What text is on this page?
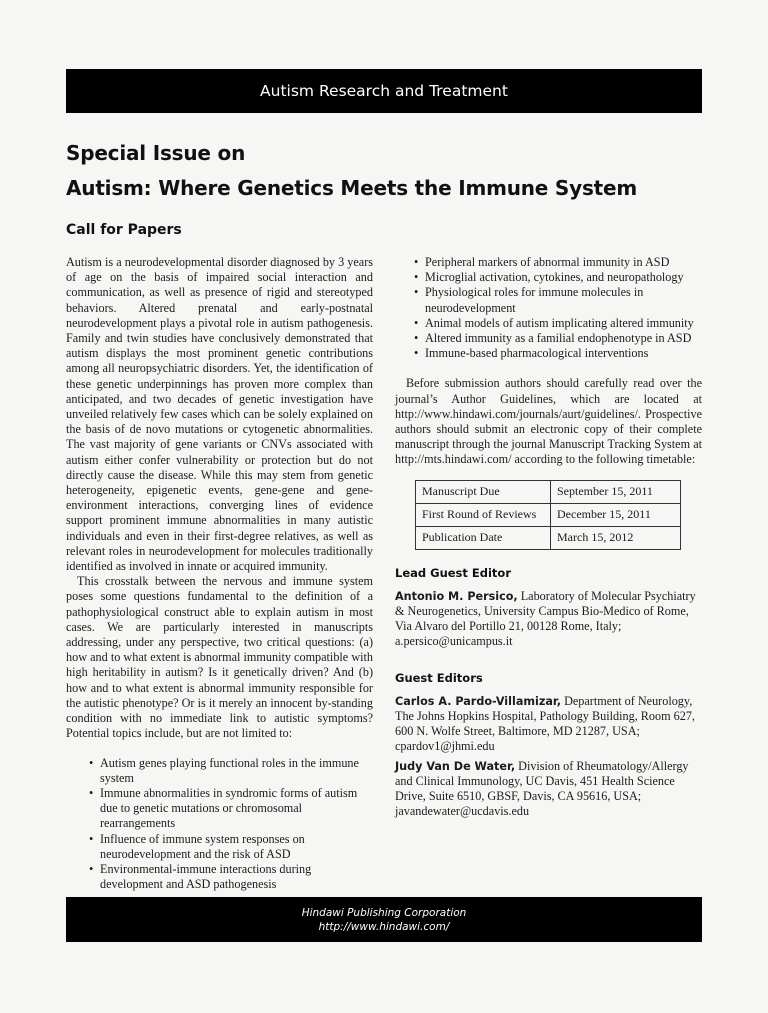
Autism Research and Treatment
Special Issue on
Autism: Where Genetics Meets the Immune System
Call for Papers

Autism is a neurodevelopmental disorder diagnosed by 3 years of age on the basis of impaired social interaction and communication, as well as presence of rigid and stereotyped behaviors. Altered prenatal and early-postnatal neurodevelopment plays a pivotal role in autism pathogenesis. Family and twin studies have conclusively demonstrated that autism displays the most prominent genetic contributions among all neuropsychiatric disorders. Yet, the identification of these genetic underpinnings has proven more complex than anticipated, and two decades of genetic investigation have unveiled relatively few cases which can be solely explained on the basis of de novo mutations or cytogenetic abnormalities. The vast majority of gene variants or CNVs associated with autism either confer vulnerability or protection but do not directly cause the disease. While this may stem from genetic heterogeneity, epigenetic events, gene-gene and gene-environment interactions, converging lines of evidence support prominent immune abnormalities in many autistic individuals and even in their first-degree relatives, as well as relevant roles in neurodevelopment for molecules traditionally identified as involved in innate or acquired immunity.

This crosstalk between the nervous and immune system poses some questions fundamental to the definition of a pathophysiological construct able to explain autism in most cases. We are particularly interested in manuscripts addressing, under any perspective, two critical questions: (a) how and to what extent is abnormal immunity compatible with high heritability in autism? Is it genetically driven? And (b) how and to what extent is abnormal immunity responsible for the autistic phenotype? Or is it merely an innocent by-standing condition with no immediate link to autistic symptoms? Potential topics include, but are not limited to:

• Autism genes playing functional roles in the immune system
• Immune abnormalities in syndromic forms of autism due to genetic mutations or chromosomal rearrangements
• Influence of immune system responses on neurodevelopment and the risk of ASD
• Environmental-immune interactions during development and ASD pathogenesis
• Peripheral markers of abnormal immunity in ASD
• Microglial activation, cytokines, and neuropathology
• Physiological roles for immune molecules in neurodevelopment
• Animal models of autism implicating altered immunity
• Altered immunity as a familial endophenotype in ASD
• Immune-based pharmacological interventions

Before submission authors should carefully read over the journal’s Author Guidelines, which are located at http://www.hindawi.com/journals/aurt/guidelines/. Prospective authors should submit an electronic copy of their complete manuscript through the journal Manuscript Tracking System at http://mts.hindawi.com/ according to the following timetable:

Manuscript Due	September 15, 2011
First Round of Reviews	December 15, 2011
Publication Date	March 15, 2012
Lead Guest Editor
Antonio M. Persico, Laboratory of Molecular Psychiatry & Neurogenetics, University Campus Bio-Medico of Rome, Via Alvaro del Portillo 21, 00128 Rome, Italy; a.persico@unicampus.it
Guest Editors
Carlos A. Pardo-Villamizar, Department of Neurology, The Johns Hopkins Hospital, Pathology Building, Room 627, 600 N. Wolfe Street, Baltimore, MD 21287, USA; cpardov1@jhmi.edu
Judy Van De Water, Division of Rheumatology/Allergy and Clinical Immunology, UC Davis, 451 Health Science Drive, Suite 6510, GBSF, Davis, CA 95616, USA; javandewater@ucdavis.edu
Hindawi Publishing Corporation
http://www.hindawi.com/
